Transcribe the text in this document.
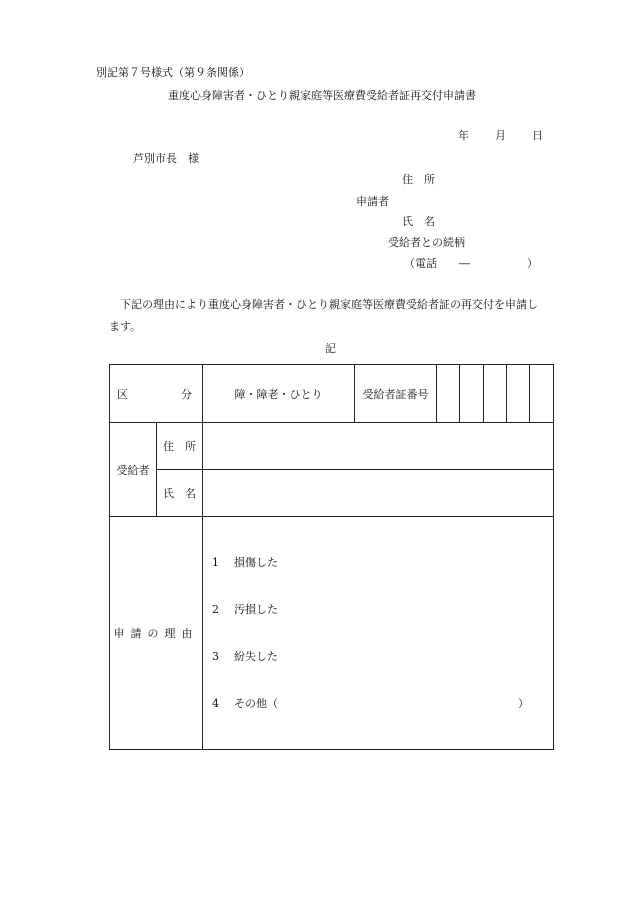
別記第７号様式（第９条関係）
重度心身障害者・ひとり親家庭等医療費受給者証再交付申請書
年 月 日
芦別市長　様
住　所
申請者
氏　名
受給者との続柄
（電話 ―	）
下記の理由により重度心身障害者・ひとり親家庭等医療費受給者証の再交付を申請し
ます。
記
区 分		障・障老・ひとり	受給者証番号					
受給者	住　所							
	氏　名							
申請の理由		1 損傷した
2 汚損した
3 紛失した
4 その他（ ）						
